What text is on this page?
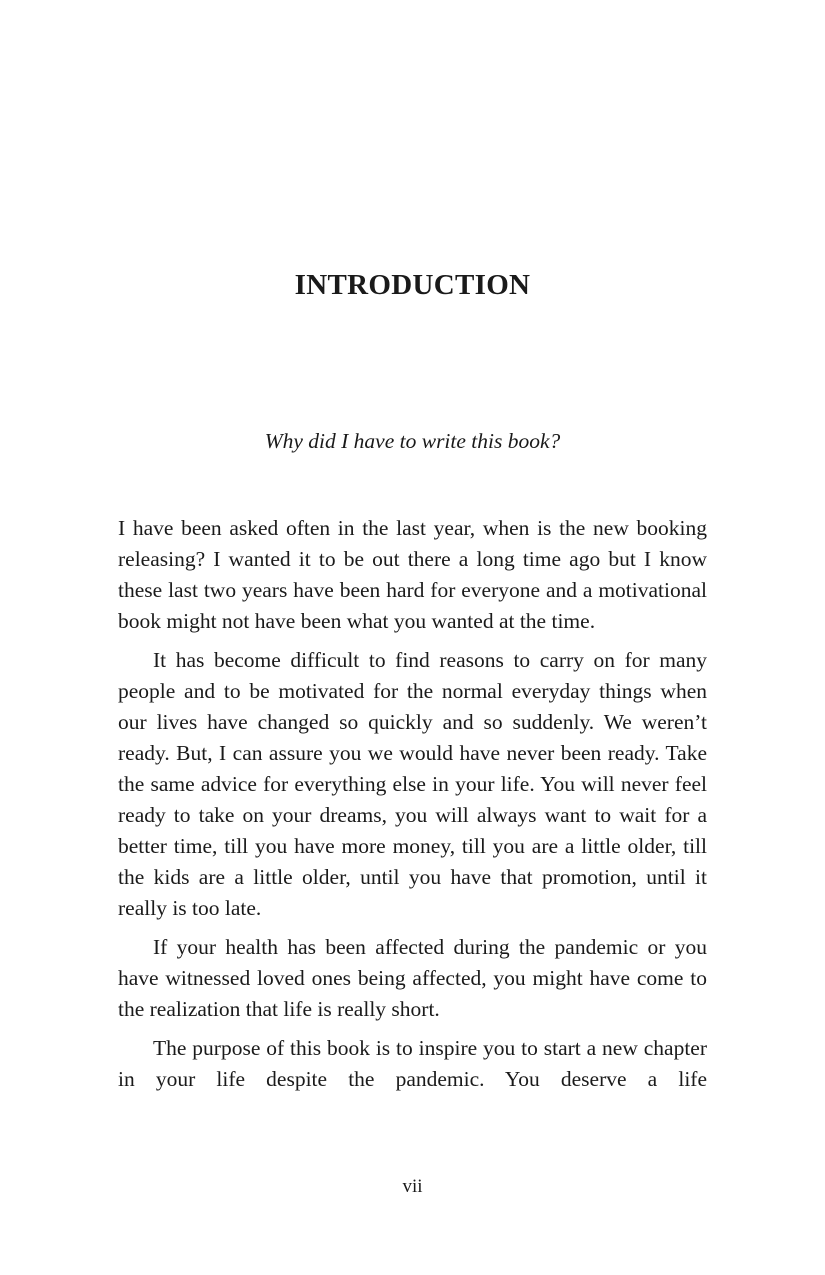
INTRODUCTION

Why did I have to write this book?

I have been asked often in the last year, when is the new booking releasing? I wanted it to be out there a long time ago but I know these last two years have been hard for everyone and a motivational book might not have been what you wanted at the time.

It has become difficult to find reasons to carry on for many people and to be motivated for the normal everyday things when our lives have changed so quickly and so suddenly. We weren’t ready. But, I can assure you we would have never been ready. Take the same advice for everything else in your life. You will never feel ready to take on your dreams, you will always want to wait for a better time, till you have more money, till you are a little older, till the kids are a little older, until you have that promotion, until it really is too late.

If your health has been affected during the pandemic or you have witnessed loved ones being affected, you might have come to the realization that life is really short.

The purpose of this book is to inspire you to start a new chapter in your life despite the pandemic. You deserve a life

vii
